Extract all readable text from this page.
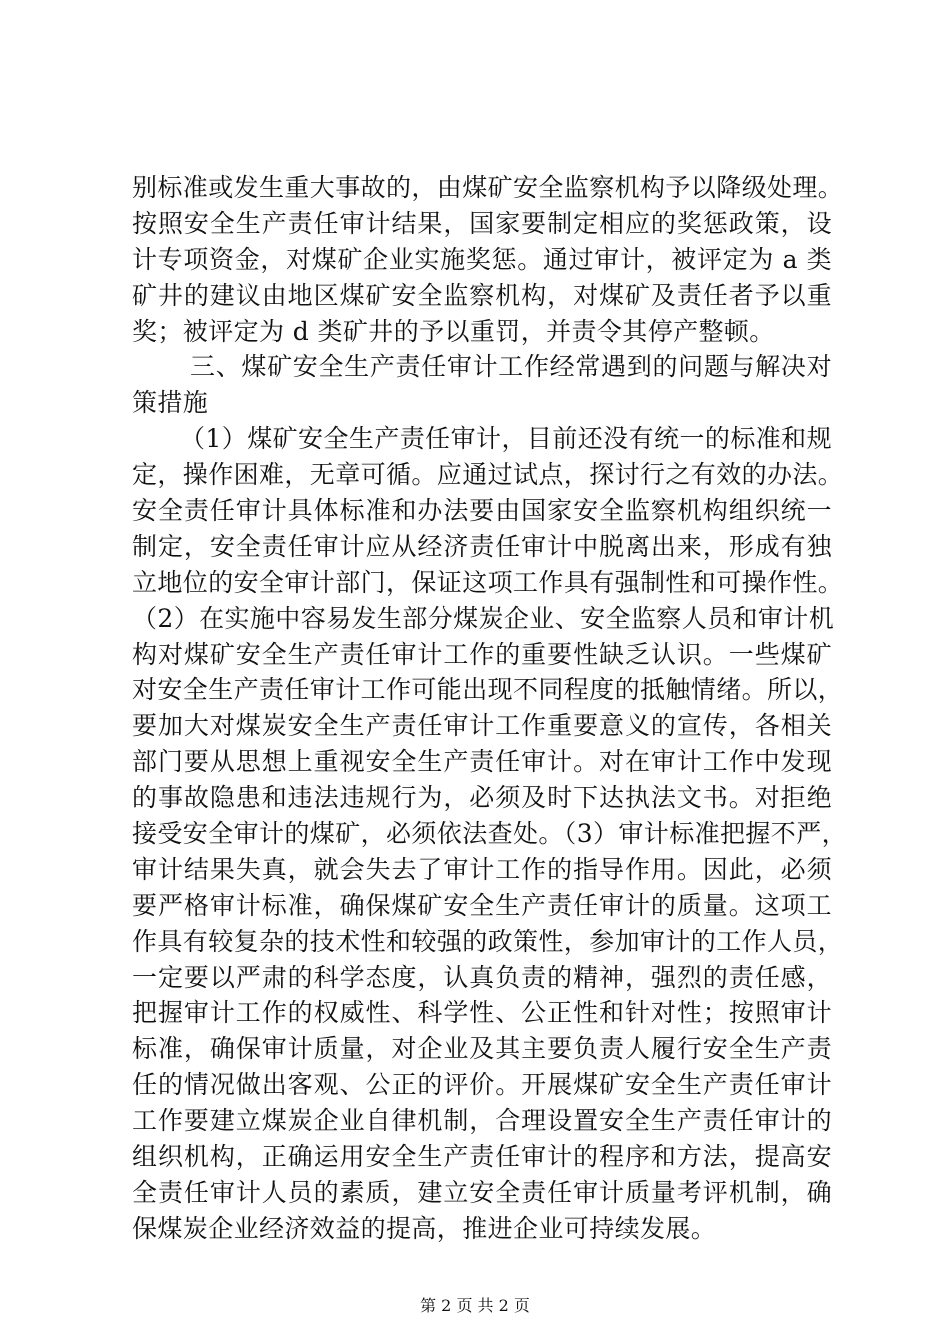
别标准或发生重大事故的，由煤矿安全监察机构予以降级处理。
按照安全生产责任审计结果，国家要制定相应的奖惩政策，设
计专项资金，对煤矿企业实施奖惩。通过审计，被评定为 a 类
矿井的建议由地区煤矿安全监察机构，对煤矿及责任者予以重
奖；被评定为 d 类矿井的予以重罚，并责令其停产整顿。
三、煤矿安全生产责任审计工作经常遇到的问题与解决对
策措施
（1）煤矿安全生产责任审计，目前还没有统一的标准和规
定，操作困难，无章可循。应通过试点，探讨行之有效的办法。
安全责任审计具体标准和办法要由国家安全监察机构组织统一
制定，安全责任审计应从经济责任审计中脱离出来，形成有独
立地位的安全审计部门，保证这项工作具有强制性和可操作性。
（2）在实施中容易发生部分煤炭企业、安全监察人员和审计机
构对煤矿安全生产责任审计工作的重要性缺乏认识。一些煤矿
对安全生产责任审计工作可能出现不同程度的抵触情绪。所以，
要加大对煤炭安全生产责任审计工作重要意义的宣传，各相关
部门要从思想上重视安全生产责任审计。对在审计工作中发现
的事故隐患和违法违规行为，必须及时下达执法文书。对拒绝
接受安全审计的煤矿，必须依法查处。（3）审计标准把握不严，
审计结果失真，就会失去了审计工作的指导作用。因此，必须
要严格审计标准，确保煤矿安全生产责任审计的质量。这项工
作具有较复杂的技术性和较强的政策性，参加审计的工作人员，
一定要以严肃的科学态度，认真负责的精神，强烈的责任感，
把握审计工作的权威性、科学性、公正性和针对性；按照审计
标准，确保审计质量，对企业及其主要负责人履行安全生产责
任的情况做出客观、公正的评价。开展煤矿安全生产责任审计
工作要建立煤炭企业自律机制，合理设置安全生产责任审计的
组织机构，正确运用安全生产责任审计的程序和方法，提高安
全责任审计人员的素质，建立安全责任审计质量考评机制，确
保煤炭企业经济效益的提高，推进企业可持续发展。
第 2 页 共 2 页
